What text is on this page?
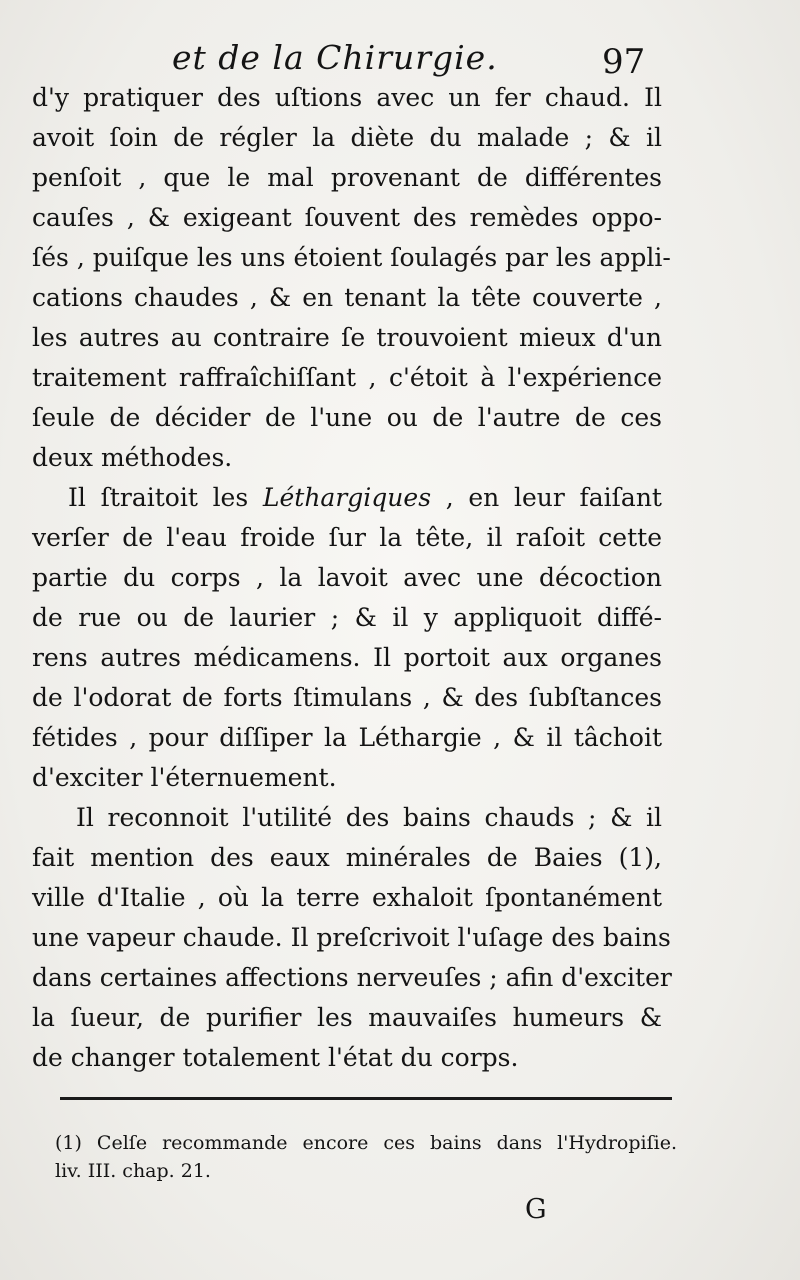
et de la Chirurgie.	97
d'y pratiquer des uſtions avec un fer chaud. Il
avoit ſoin de régler la diète du malade ; & il
penſoit , que le mal provenant de différentes
cauſes , & exigeant ſouvent des remèdes oppo-
ſés , puiſque les uns étoient ſoulagés par les appli-
cations chaudes , & en tenant la tête couverte ,
les autres au contraire ſe trouvoient mieux d'un
traitement raffraîchiſſant , c'étoit à l'expérience
ſeule de décider de l'une ou de l'autre de ces
deux méthodes.
Il ſtraitoit les Léthargiques , en leur faiſant
verſer de l'eau froide ſur la tête, il raſoit cette
partie du corps , la lavoit avec une décoction
de rue ou de laurier ; & il y appliquoit diffé-
rens autres médicamens. Il portoit aux organes
de l'odorat de forts ſtimulans , & des ſubſtances
fétides , pour diſſiper la Léthargie , & il tâchoit
d'exciter l'éternuement.
Il reconnoit l'utilité des bains chauds ; & il
fait mention des eaux minérales de Baies (1),
ville d'Italie , où la terre exhaloit ſpontanément
une vapeur chaude. Il preſcrivoit l'uſage des bains
dans certaines affections nerveuſes ; afin d'exciter
la ſueur, de purifier les mauvaiſes humeurs &
de changer totalement l'état du corps.
(1) Celſe recommande encore ces bains dans l'Hydropiſie.
liv. III. chap. 21.
G
